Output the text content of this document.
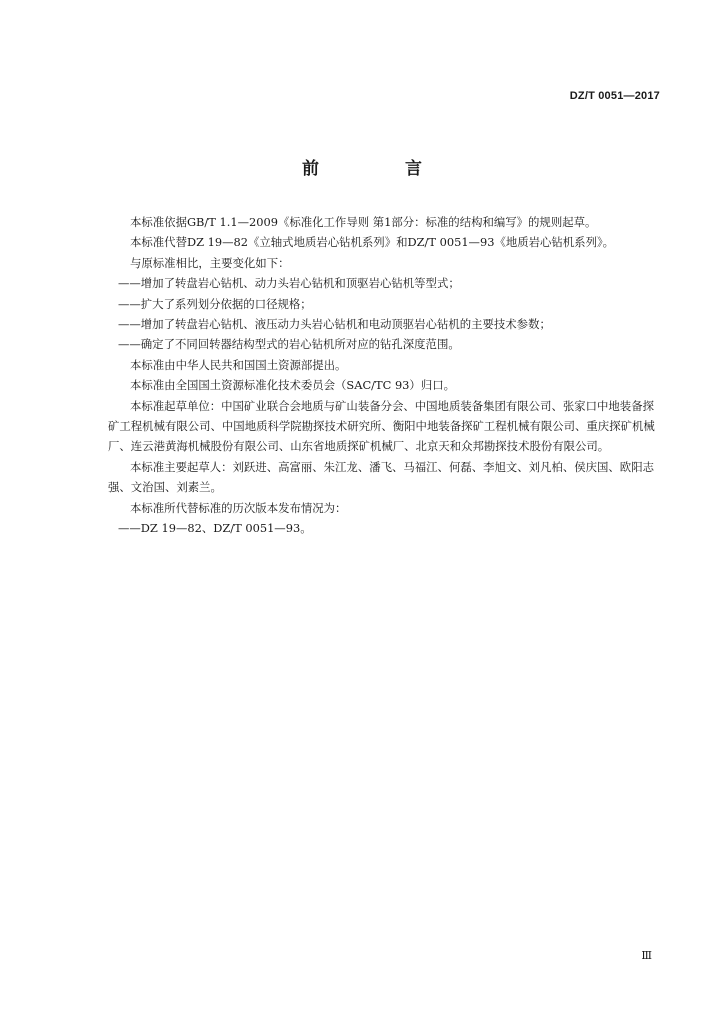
DZ/T 0051—2017
前 言

本标准依据GB/T 1.1—2009《标准化工作导则 第1部分：标准的结构和编写》的规则起草。

本标准代替DZ 19—82《立轴式地质岩心钻机系列》和DZ/T 0051—93《地质岩心钻机系列》。

与原标准相比，主要变化如下：

——增加了转盘岩心钻机、动力头岩心钻机和顶驱岩心钻机等型式；

——扩大了系列划分依据的口径规格；

——增加了转盘岩心钻机、液压动力头岩心钻机和电动顶驱岩心钻机的主要技术参数；

——确定了不同回转器结构型式的岩心钻机所对应的钻孔深度范围。

本标准由中华人民共和国国土资源部提出。

本标准由全国国土资源标准化技术委员会（SAC/TC 93）归口。

本标准起草单位：中国矿业联合会地质与矿山装备分会、中国地质装备集团有限公司、张家口中地装备探矿工程机械有限公司、中国地质科学院勘探技术研究所、衡阳中地装备探矿工程机械有限公司、重庆探矿机械厂、连云港黄海机械股份有限公司、山东省地质探矿机械厂、北京天和众邦勘探技术股份有限公司。

本标准主要起草人：刘跃进、高富丽、朱江龙、潘飞、马福江、何磊、李旭文、刘凡柏、侯庆国、欧阳志强、文治国、刘素兰。

本标准所代替标准的历次版本发布情况为：

——DZ 19—82、DZ/T 0051—93。

Ⅲ
